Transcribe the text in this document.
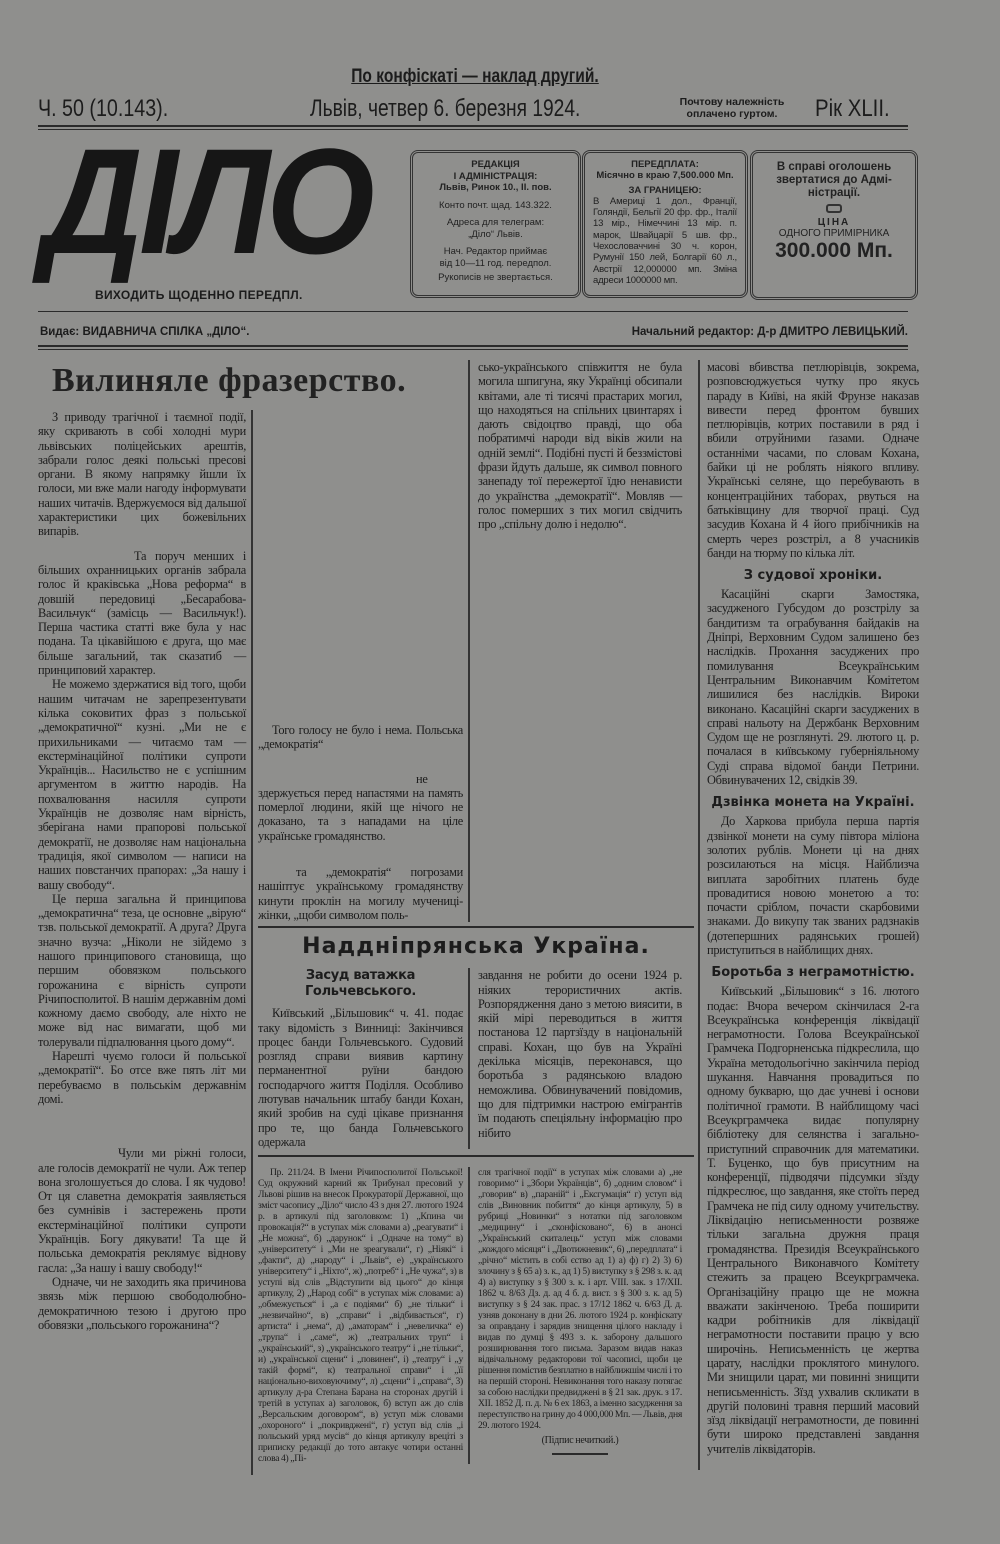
По конфіскаті — наклад другий.
Ч. 50 (10.143).	Львів, четвер 6. березня 1924.	Почтову належність
оплачено гуртом.	Рік XLII.
ДІЛО
ВИХОДИТЬ ЩОДЕННО ПЕРЕДПЛ.
РЕДАКЦІЯ
І АДМІНІСТРАЦІЯ:
Львів, Ринок 10., ІІ. пов.
Конто почт. щад. 143.322.
Адреса для телеграм:
„Діло“ Львів.
Нач. Редактор приймає
від 10—11 год. передпол.
Рукописів не звертається.
ПЕРЕДПЛАТА:
Місячно в краю 7,500.000 Мп.
ЗА ГРАНИЦЕЮ:
В Америці 1 дол., Франції, Голяндії, Бельгії 20 фр. фр., Італії 13 мір., Німеччині 13 мір. п. марок, Швайцарії 5 шв. фр., Чехословаччині 30 ч. корон, Румунії 150 лей, Болгарії 60 л., Австрії 12,000000 мп. Зміна адреси 1000000 мп.
В справі оголошень
звертатися до Адмі-
ністрації.
ЦІНА
ОДНОГО ПРИМІРНИКА
300.000 Мп.
Видає: ВИДАВНИЧА СПІЛКА „ДІЛО“.	Начальний редактор: Д-р ДМИТРО ЛЕВИЦЬКИЙ.
Вилиняле фразерство.

З приводу трагічної і таємної події, яку скривають в собі холодні мури львівських поліцейських арештів, забрали голос деякі польські пресові органи. В якому напрямку йшли їх голоси, ми вже мали нагоду інформувати наших читачів. Вдержуємося від дальшої характеристики цих божевільних випарів.

Та поруч менших і більших охранницьких органів забрала голос й краківська „Нова реформа“ в довшій передовиці „Бесарабова-Васильчук“ (замісць — Васильчук!). Перша частика статті вже була у нас подана. Та цікавійшою є друга, що має більше загальний, так сказатиб — принциповий характер.

Не можемо здержатися від того, щоби нашим читачам не зарепрезентувати кілька соковитих фраз з польської „демократичної“ кузні. „Ми не є прихильниками — читаємо там — екстермінаційної політики супроти Українців... Насильство не є успішним аргументом в життю народів. На похвалювання насилля супроти Українців не дозволяє нам вірність, зберігана нами прапорові польської демократії, не дозволяє нам національна традиція, якої символом — написи на наших повстанчих прапорах: „За нашу і вашу свободу“.

Це перша загальна й принципова „демократична“ теза, це основне „вірую“ тзв. польської демократії. А друга? Друга значно вузча: „Ніколи не зійдемо з нашого принципового становища, що першим обовязком польського горожанина є вірність супроти Річипосполитої. В нашім державнім домі кожному даємо свободу, але ніхто не може від нас вимагати, щоб ми толерували підпалювання цього дому“.

Нарешті чуємо голоси й польської „демократії“. Бо отсе вже пять літ ми перебуваємо в польськім державнім домі.

Чули ми ріжні голоси, але голосів демократії не чули. Аж тепер вона зголошується до слова. І як чудово! От ця славетна демократія заявляється без сумнівів і застережень проти екстермінаційної політики супроти Українців. Богу дякувати! Та ще й польська демократія реклямує відновy гасла: „За нашу і вашу свободу!“

Одначе, чи не заходить яка причинова звязь між першою свободолюбно-демократичною тезою і другою про обовязки „польського горожанина“?

Того голосу не було і нема. Польська „демократія“

не здержується перед напастями на память померлої людини, якій ще нічого не доказано, та з нападами на ціле українське громадянство.

та „демократія“ погрозами нашіптує українському громадянству кинути проклін на могилу мучениці-жінки, „щоби символом поль-

сько-українського співжиття не була могила шпигуна, яку Українці обсипали квітами, але ті тисячі прастарих могил, що находяться на спільних цвинтарях і дають свідоцтво правді, що оба побратимчі народи від віків жили на одній землі“. Подібні пусті й беззмістові фрази йдуть дальше, як символ повного занепаду тої пережертої їдю ненависти до українства „демократії“. Мовляв — голос померших з тих могил свідчить про „спільну долю і недолю“.

Наддніпрянська Україна.
Засуд ватажка Гольчевського.

Київський „Більшовик“ ч. 41. подає таку відомість з Винниці: Закінчився процес банди Гольчевського. Судовий розгляд справи виявив картину перманентної руїни бандою господарчого життя Поділля. Особливо лютував начальник штабу банди Кохан, який зробив на суді цікаве признання про те, що банда Гольчевського одержала

завдання не робити до осени 1924 р. ніяких терористичних актів. Розпорядження дано з метою виясити, в якій мірі переводиться в життя постанова 12 партзїзду в національній справі. Кохан, що був на Україні декілька місяців, переконався, що боротьба з радянською владою неможлива. Обвинувачений повідомив, що для підтримки настрою емігрантів їм подають спеціяльну інформацію про нібито

Пр. 211/24. В Імени Річипосполитої Польської! Суд окружний карний як Трибунал пресовий у Львові рішив на внесок Прокураторії Державної, що зміст часопису „Діло“ число 43 з дня 27. лютого 1924 р. в артикулі під заголовком: 1) „Кпина чи провокація?“ в уступах між словами а) „реагувати“ і „Не можна“, б) „дарунок“ і „Одначе на тому“ в) „університету“ і „Ми не зреагували“, г) „Ніякі“ і „факти“, д) „народу“ і „Львів“, е) „українського університету“ і „Ніхто“, ж) „потреб“ і „Не чужа“, з) в уступі від слів „Відступити від цього“ до кінця артикулу, 2) „Народ собі“ в уступах між словами: а) „обмежується“ і „а є подіями“ б) „не тільки“ і „незвичайно“, в) „справи“ і „відбивається“, г) артиста“ і „нема“, д) „аматорам“ і „невеличка“ е) „трупа“ і „саме“, ж) „театральних труп“ і „український“, з) „українського театру“ і „не тільки“, и) „української сцени“ і „повинен“, і) „театру“ і „у такій формі“, к) театральної справи“ і „її національно-виховуючиму“, л) „сцени“ і „справа“, 3) артикулу д-ра Степана Барана на сторонах другій і третій в уступах а) заголовок, б) вступ аж до слів „Версальским договором“, в) уступ між словами „охороного“ і „покривджені“, г) уступ від слів „і польський уряд мусів“ до кінця артикулу вреціті з припиcку редакції до тото автакує чотири останні слова 4) „Пі-

сля трагічної події“ в уступах між словами а) „не говоримо“ і „Збори Українців“, б) „одним словом“ і „говорив“ в) „параній“ і „Ексгумація“ г) уступ від слів „Виновник побиття“ до кінця артикулу, 5) в рубриці „Новинки“ з нотатки під заголовком „медицину“ і „сконфісковано“, 6) в анонсі „Український скиталець“ уступ між словами „кождого місяця“ і „Двотижневик“, 6) „передплата“ і „річно“ містить в собі єство ад 1) а) ф) г) 2) 3) 6) злочину з § 65 а) з. к., ад 1) 5) виступку з § 298 з. к. ад 4) а) виступку з § 300 з. к. і арт. VIII. зак. з 17/XII. 1862 ч. 8/63 Дз. д. ад 4 б. д. вист. з § 300 з. к. ад 5) виступку з § 24 зак. прас. з 17/12 1862 ч. 6/63 Д. д. узняв доконану в дни 26. лютого 1924 р. конфіскату за оправдану і зарядив знищення цілого накладу і видав по думці § 493 з. к. заборону дальшого розширювання того письма. Заразом видав наказ відвічальному редакторови тої часописі, щоби це рішення помістив безплатно в найближшім числі і то на першій стороні. Невиконання того наказу потягає за собою наслідки предвиджені в § 21 зак. друк. з 17. XII. 1852 Д. п. д. № 6 ех 1863, а іменно засудження за переступство на грину до 4 000,000 Мп. — Львів, дня 29. лютого 1924.

(Підпис нечиткий.)

масові вбивства петлюрівців, зокрема, розповсюджується чутку про якусь параду в Київі, на якій Фрунзе наказав вивести перед фронтом бувших петлюрівців, котрих поставили в ряд і вбили отруйними ґазами. Одначе останніми часами, по словам Кохана, байки ці не роблять ніякого впливу. Українські селяне, що перебувають в концентраційних таборах, рвуться на батьківщину для творчої праці. Суд засудив Кохана й 4 його прибічників на смерть через розстріл, а 8 учасників банди на тюрму по кілька літ.

З судової хроніки.

Касаційні скарги Замостяка, засудженого Губсудом до розстрілу за бандитизм та ограбування байдаків на Дніпрі, Верховним Судом залишено без наслідків. Прохання засуджених про помилування Всеукраїнським Центральним Виконавчим Комітетом лишилися без наслідків. Вироки виконано. Касаційні скарги засуджених в справі нальоту на Держбанк Верховним Судом ще не розглянуті. 29. лютого ц. р. почалася в київському губерніяльному Суді справа відомої банди Петрини. Обвинувачених 12, свідків 39.

Дзвінка монета на Україні.

До Харкова прибула перша партія дзвінкої монети на суму півтора міліона золотих рублів. Монети ці на днях розсилаються на місця. Найблизча виплата заробітних платень буде провадитися новою монетою а то: почасти сріблом, почасти скарбовими знаками. До викупу так званих радзнаків (дотепершних радянських грошей) приступиться в найблищих днях.

Боротьба з неграмотністю.

Київський „Більшовик“ з 16. лютого подає: Вчора вечером скінчилася 2-га Всеукраїнська конференція ліквідації неграмотности. Голова Всеукраїнської Грамчека Подгорненська підкреслила, що Україна методольогічно закінчила період шукання. Навчання провадиться по одному букварю, що дає учневі і основи політичної грамоти. В найблищому часі Всеукрграмчека видає популярну бібліотеку для селянства і загально-приступний справочник для математики. Т. Буценко, що був присутним на конференції, підводячи підсумки зїзду підкреслює, що завдання, яке стоїть перед Грамчека не під силу одному учительству. Ліквідацію неписьменности розвяже тільки загальна дружня праця громадянства. Президія Всеукраїнського Центрального Виконавчого Комітету стежить за працею Всеукрграмчека. Організаційну працю ще не можна вважати закінченою. Треба поширити кадри робітників для ліквідації неграмотности поставити працю у всю широчінь. Неписьменність це жертва царату, наслідки проклятого минулого. Ми знищили царат, ми повинні знищити неписьменність. Зїзд ухвалив скликати в другій половині травня перший масовий зїзд ліквідації неграмотности, де повинні бути широко представлені завдання учителів ліквідаторів.
